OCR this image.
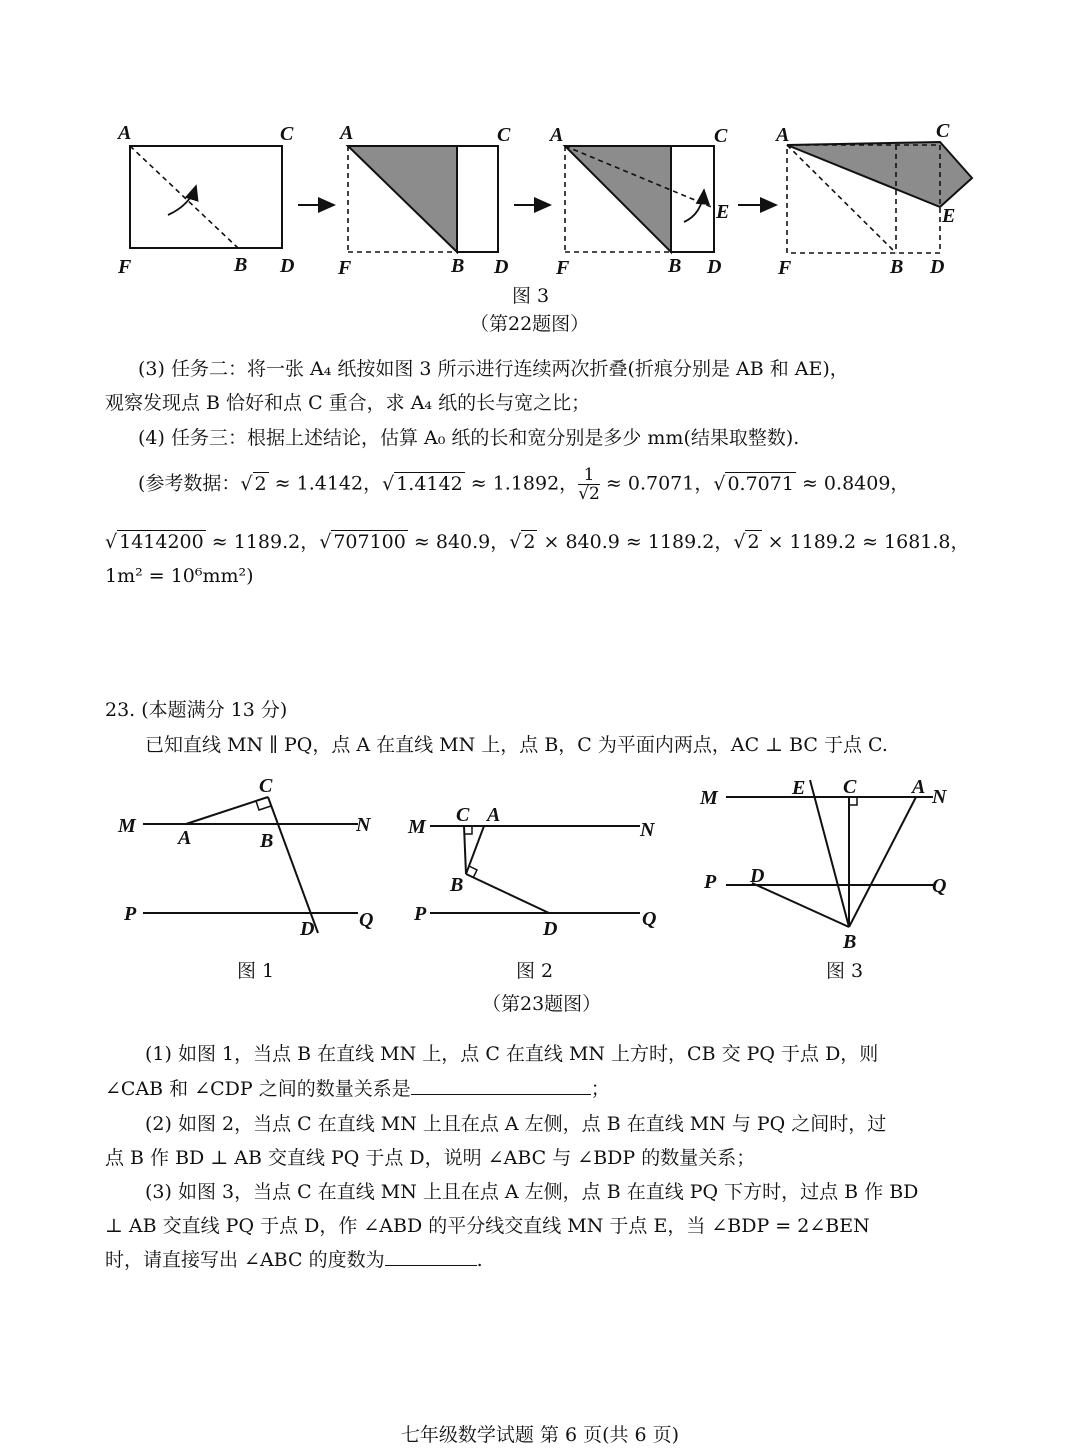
A	C
F	B D
A	C
F	B D
A	C
E
F	B D
A	C
E
F	B D
图 3
（第22题图）
(3) 任务二：将一张 A₄ 纸按如图 3 所示进行连续两次折叠(折痕分别是 AB 和 AE)，
观察发现点 B 恰好和点 C 重合，求 A₄ 纸的长与宽之比；
(4) 任务三：根据上述结论，估算 A₀ 纸的长和宽分别是多少 mm(结果取整数).
(参考数据：√ 2 ≈ 1.4142，√ 1.4142 ≈ 1.1892， $\frac{1}{√2} \approx 0.7071$，√ 0.7071 ≈ 0.8409，
√ 1414200 ≈ 1189.2，√ 707100 ≈ 840.9，√ 2 × 840.9 ≈ 1189.2，√ 2 × 1189.2 ≈ 1681.8，
1m² = 10⁶mm²)
23. (本题满分 13 分)
已知直线 MN ∥ PQ，点 A 在直线 MN 上，点 B，C 为平面内两点，AC ⊥ BC 于点 C.
M	N
P	Q
A	B
C
D
图 1
M	N
P	Q
C A
B
D
图 2
M	N
P	Q
E C	A
D
B
图 3
（第23题图）
(1) 如图 1，当点 B 在直线 MN 上，点 C 在直线 MN 上方时，CB 交 PQ 于点 D，则
∠CAB 和 ∠CDP 之间的数量关系是	；
(2) 如图 2，当点 C 在直线 MN 上且在点 A 左侧，点 B 在直线 MN 与 PQ 之间时，过
点 B 作 BD ⊥ AB 交直线 PQ 于点 D，说明 ∠ABC 与 ∠BDP 的数量关系；
(3) 如图 3，当点 C 在直线 MN 上且在点 A 左侧，点 B 在直线 PQ 下方时，过点 B 作 BD
⊥ AB 交直线 PQ 于点 D，作 ∠ABD 的平分线交直线 MN 于点 E，当 ∠BDP = 2∠BEN
时，请直接写出 ∠ABC 的度数为	.
七年级数学试题 第 6 页(共 6 页)
